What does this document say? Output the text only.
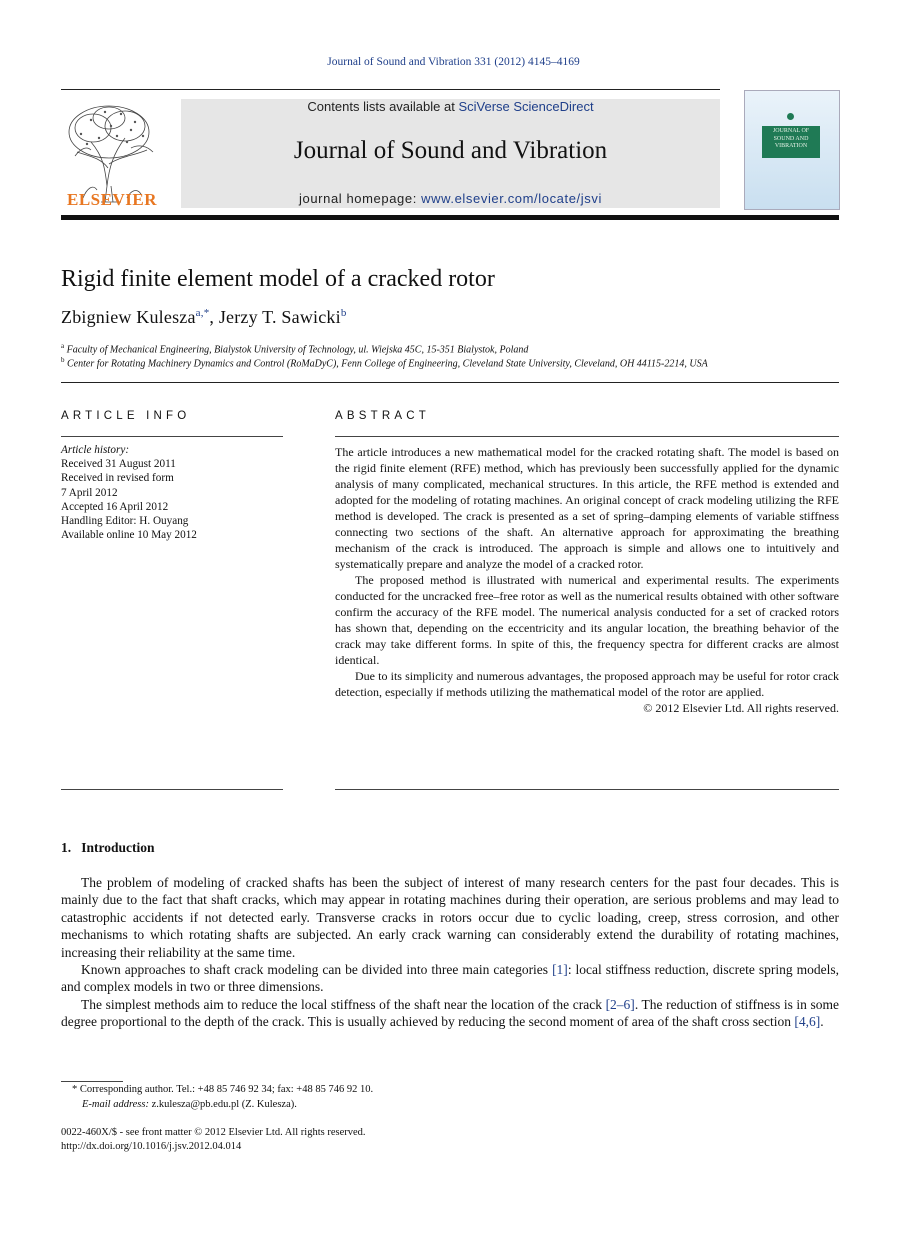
Journal of Sound and Vibration 331 (2012) 4145–4169
ELSEVIER
Contents lists available at SciVerse ScienceDirect
Journal of Sound and Vibration
journal homepage: www.elsevier.com/locate/jsvi
JOURNAL OF SOUND AND VIBRATION
Rigid finite element model of a cracked rotor
Zbigniew Kulesza$^{a,*}$, Jerzy T. Sawicki$^b$
$^a$ Faculty of Mechanical Engineering, Bialystok University of Technology, ul. Wiejska 45C, 15-351 Bialystok, Poland
$^b$ Center for Rotating Machinery Dynamics and Control (RoMaDyC), Fenn College of Engineering, Cleveland State University, Cleveland, OH 44115-2214, USA
ARTICLE INFO
Article history:
Received 31 August 2011
Received in revised form
7 April 2012
Accepted 16 April 2012
Handling Editor: H. Ouyang
Available online 10 May 2012
ABSTRACT

The article introduces a new mathematical model for the cracked rotating shaft. The model is based on the rigid finite element (RFE) method, which has previously been successfully applied for the dynamic analysis of many complicated, mechanical structures. In this article, the RFE method is extended and adopted for the modeling of rotating machines. An original concept of crack modeling utilizing the RFE method is developed. The crack is presented as a set of spring–damping elements of variable stiffness connecting two sections of the shaft. An alternative approach for approximating the breathing mechanism of the crack is introduced. The approach is simple and allows one to intuitively and systematically prepare and analyze the model of a cracked rotor.

The proposed method is illustrated with numerical and experimental results. The experiments conducted for the uncracked free–free rotor as well as the numerical results obtained with other software confirm the accuracy of the RFE model. The numerical analysis conducted for a set of cracked rotors has shown that, depending on the eccentricity and its angular location, the breathing behavior of the crack may take different forms. In spite of this, the frequency spectra for different cracks are almost identical.

Due to its simplicity and numerous advantages, the proposed approach may be useful for rotor crack detection, especially if methods utilizing the mathematical model of the rotor are applied.

© 2012 Elsevier Ltd. All rights reserved.
1.  Introduction

The problem of modeling of cracked shafts has been the subject of interest of many research centers for the past four decades. This is mainly due to the fact that shaft cracks, which may appear in rotating machines during their operation, are serious problems and may lead to catastrophic accidents if not detected early. Transverse cracks in rotors occur due to cyclic loading, creep, stress corrosion, and other mechanisms to which rotating shafts are subjected. An early crack warning can considerably extend the durability of rotating machines, increasing their reliability at the same time.

Known approaches to shaft crack modeling can be divided into three main categories [1]: local stiffness reduction, discrete spring models, and complex models in two or three dimensions.

The simplest methods aim to reduce the local stiffness of the shaft near the location of the crack [2–6]. The reduction of stiffness is in some degree proportional to the depth of the crack. This is usually achieved by reducing the second moment of area of the shaft cross section [4,6].

* Corresponding author. Tel.: +48 85 746 92 34; fax: +48 85 746 92 10.
E-mail address: z.kulesza@pb.edu.pl (Z. Kulesza).
0022-460X/$ - see front matter © 2012 Elsevier Ltd. All rights reserved.
http://dx.doi.org/10.1016/j.jsv.2012.04.014
